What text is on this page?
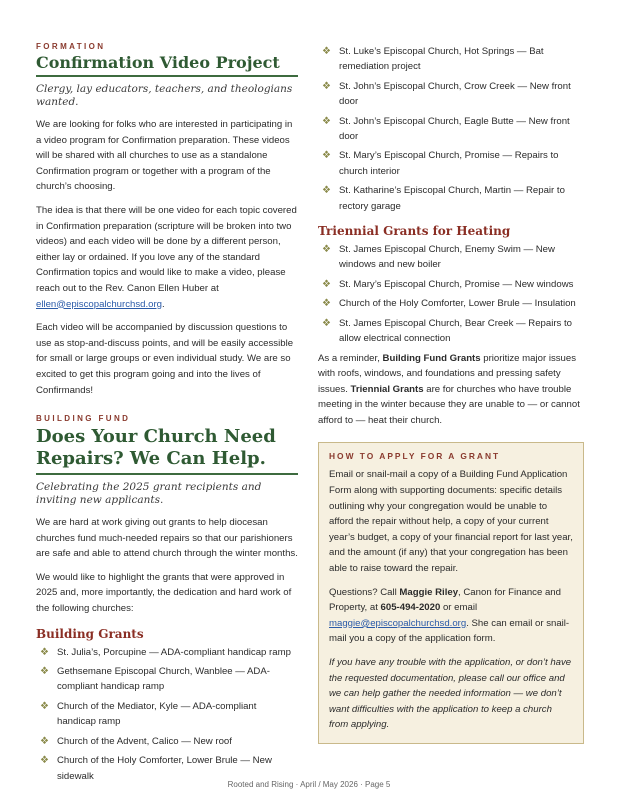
FORMATION
Confirmation Video Project
Clergy, lay educators, teachers, and theologians wanted.

We are looking for folks who are interested in participating in a video program for Confirmation preparation. These videos will be shared with all churches to use as a standalone Confirmation program or together with a program of the church’s choosing.

The idea is that there will be one video for each topic covered in Confirmation preparation (scripture will be broken into two videos) and each video will be done by a different person, either lay or ordained. If you love any of the standard Confirmation topics and would like to make a video, please reach out to the Rev. Canon Ellen Huber at ellen@episcopalchurchsd.org.

Each video will be accompanied by discussion questions to use as stop-and-discuss points, and will be easily accessible for small or large groups or even individual study. We are so excited to get this program going and into the lives of Confirmands!

BUILDING FUND
Does Your Church Need Repairs? We Can Help.
Celebrating the 2025 grant recipients and inviting new applicants.

We are hard at work giving out grants to help diocesan churches fund much-needed repairs so that our parishioners are safe and able to attend church through the winter months.

We would like to highlight the grants that were approved in 2025 and, more importantly, the dedication and hard work of the following churches:

Building Grants
❖ St. Julia’s, Porcupine — ADA-compliant handicap ramp
❖ Gethsemane Episcopal Church, Wanblee — ADA-compliant handicap ramp
❖ Church of the Mediator, Kyle — ADA-compliant handicap ramp
❖ Church of the Advent, Calico — New roof
❖ Church of the Holy Comforter, Lower Brule — New sidewalk
❖ St. Luke’s Episcopal Church, Hot Springs — Bat remediation project
❖ St. John’s Episcopal Church, Crow Creek — New front door
❖ St. John’s Episcopal Church, Eagle Butte — New front door
❖ St. Mary’s Episcopal Church, Promise — Repairs to church interior
❖ St. Katharine’s Episcopal Church, Martin — Repair to rectory garage
Triennial Grants for Heating
❖ St. James Episcopal Church, Enemy Swim — New windows and new boiler
❖ St. Mary’s Episcopal Church, Promise — New windows
❖ Church of the Holy Comforter, Lower Brule — Insulation
❖ St. James Episcopal Church, Bear Creek — Repairs to allow electrical connection

As a reminder, Building Fund Grants prioritize major issues with roofs, windows, and foundations and pressing safety issues. Triennial Grants are for churches who have trouble meeting in the winter because they are unable to — or cannot afford to — heat their church.

HOW TO APPLY FOR A GRANT

Email or snail-mail a copy of a Building Fund Application Form along with supporting documents: specific details outlining why your congregation would be unable to afford the repair without help, a copy of your current year’s budget, a copy of your financial report for last year, and the amount (if any) that your congregation has been able to raise toward the repair.

Questions? Call Maggie Riley, Canon for Finance and Property, at 605-494-2020 or email maggie@episcopalchurchsd.org. She can email or snail-mail you a copy of the application form.

If you have any trouble with the application, or don’t have the requested documentation, please call our office and we can help gather the needed information — we don’t want difficulties with the application to keep a church from applying.

Rooted and Rising · April / May 2026 · Page 5
